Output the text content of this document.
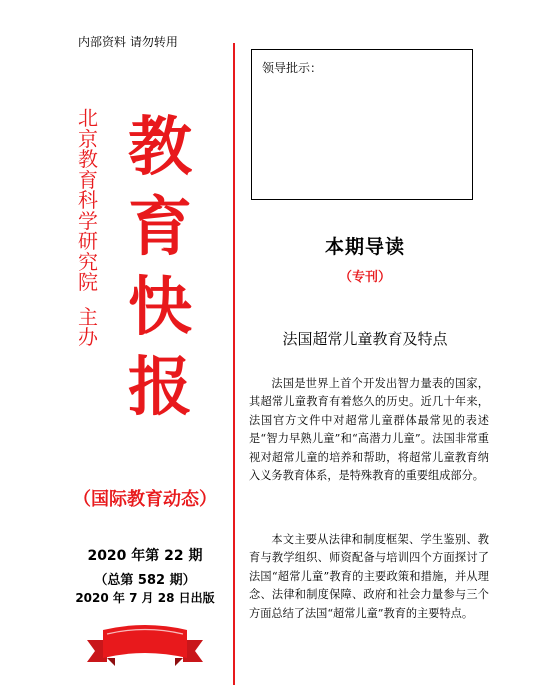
内部资料 请勿转用
北
京
教
育
科
学
研
究
院
主
办
教
育
快
报
（国际教育动态）
2020 年第 22 期
（总第 582 期）
2020 年 7 月 28 日出版
领导批示：
本期导读
（专刊）
法国超常儿童教育及特点

法国是世界上首个开发出智力量表的国家，其超常儿童教育有着悠久的历史。近几十年来，法国官方文件中对超常儿童群体最常见的表述是“智力早熟儿童”和“高潜力儿童”。法国非常重视对超常儿童的培养和帮助，将超常儿童教育纳入义务教育体系，是特殊教育的重要组成部分。

本文主要从法律和制度框架、学生鉴别、教育与教学组织、师资配备与培训四个方面探讨了法国“超常儿童”教育的主要政策和措施，并从理念、法律和制度保障、政府和社会力量参与三个方面总结了法国“超常儿童”教育的主要特点。
